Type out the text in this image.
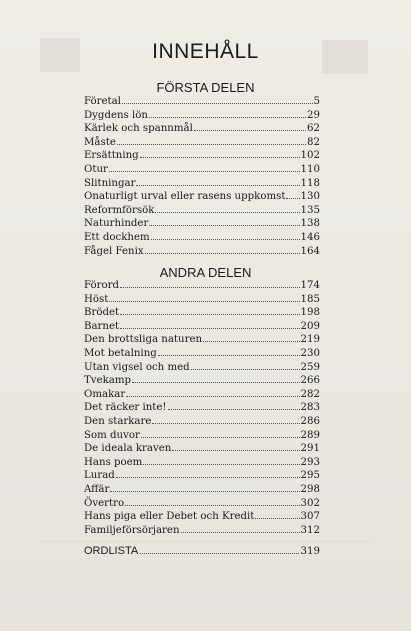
INNEHÅLL
FÖRSTA DELEN
Företal	5
Dygdens lön	29
Kärlek och spannmål	62
Måste	82
Ersättning	102
Otur	110
Slitningar	118
Onaturligt urval eller rasens uppkomst 130
Reformförsök	135
Naturhinder	138
Ett dockhem	146
Fågel Fenix	164
ANDRA DELEN
Förord	174
Höst	185
Brödet	198
Barnet	209
Den brottsliga naturen	219
Mot betalning	230
Utan vigsel och med	259
Tvekamp	266
Omakar	282
Det räcker inte!	283
Den starkare	286
Som duvor	289
De ideala kraven	291
Hans poem	293
Lurad	295
Affär	298
Övertro	302
Hans piga eller Debet och Kredit	307
Familjeförsörjaren	312
ORDLISTA	319
